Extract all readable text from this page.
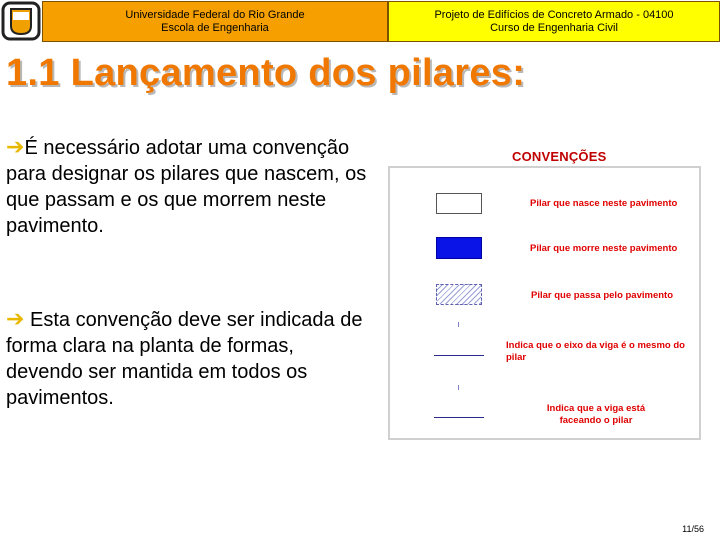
Universidade Federal do Rio Grande
Escola de Engenharia
Projeto de Edifícios de Concreto Armado - 04100
Curso de Engenharia Civil
1.1 Lançamento dos pilares:
➔É necessário adotar uma convenção para designar os pilares que nascem, os que passam e os que morrem neste pavimento.
➔ Esta convenção deve ser indicada de forma clara na planta de formas, devendo ser mantida em todos os pavimentos.
CONVENÇÕES
Pilar que nasce neste pavimento
Pilar que morre neste pavimento
Pilar que passa pelo pavimento
Indica que o eixo da viga é o mesmo do pilar
Indica que a viga está faceando o pilar
11/56
